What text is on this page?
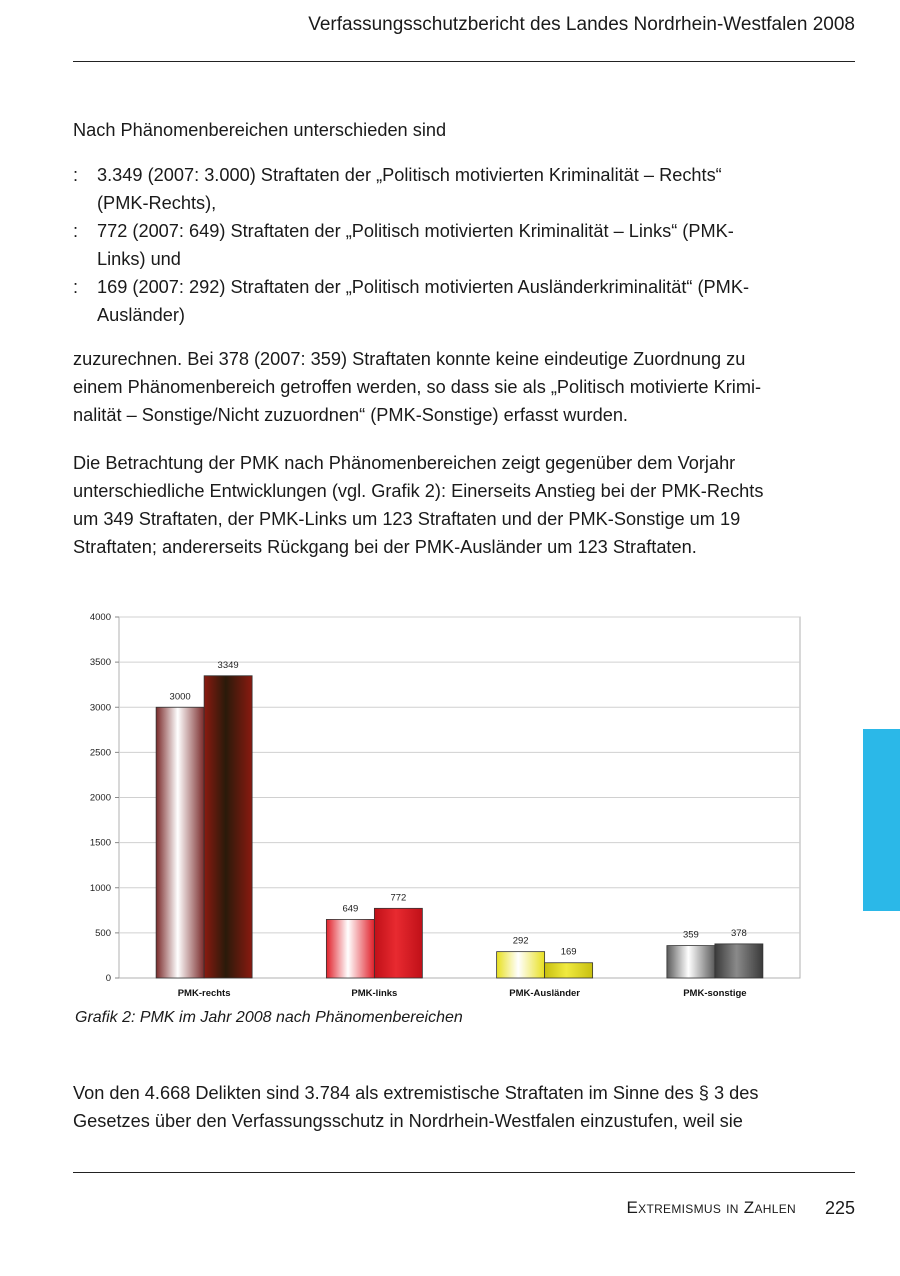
Verfassungsschutzbericht des Landes Nordrhein-Westfalen 2008
Nach Phänomenbereichen unterschieden sind
: 3.349 (2007: 3.000) Straftaten der „Politisch motivierten Kriminalität – Rechts“
(PMK-Rechts),
: 772 (2007: 649) Straftaten der „Politisch motivierten Kriminalität – Links“ (PMK-
Links) und
: 169 (2007: 292) Straftaten der „Politisch motivierten Ausländerkriminalität“ (PMK-
Ausländer)
zuzurechnen. Bei 378 (2007: 359) Straftaten konnte keine eindeutige Zuordnung zu
einem Phänomenbereich getroffen werden, so dass sie als „Politisch motivierte Krimi-
nalität – Sonstige/Nicht zuzuordnen“ (PMK-Sonstige) erfasst wurden.
Die Betrachtung der PMK nach Phänomenbereichen zeigt gegenüber dem Vorjahr
unterschiedliche Entwicklungen (vgl. Grafik 2): Einerseits Anstieg bei der PMK-Rechts
um 349 Straftaten, der PMK-Links um 123 Straftaten und der PMK-Sonstige um 19
Straftaten; andererseits Rückgang bei der PMK-Ausländer um 123 Straftaten.
0
500
1000
1500
2000
2500
3000
3500
4000
3000
3349
PMK-rechts
649
772
PMK-links
292
169
PMK-Ausländer
359	378
PMK-sonstige
Grafik 2: PMK im Jahr 2008 nach Phänomenbereichen
Von den 4.668 Delikten sind 3.784 als extremistische Straftaten im Sinne des § 3 des
Gesetzes über den Verfassungsschutz in Nordrhein-Westfalen einzustufen, weil sie
Extremismus in Zahlen 225
